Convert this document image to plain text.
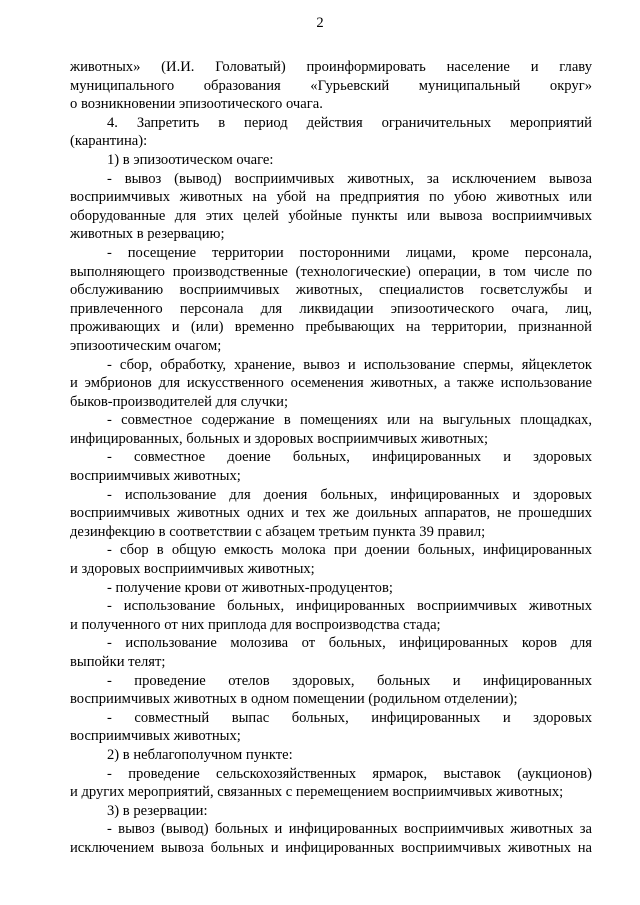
2

животных» (И.И. Головатый) проинформировать население и главу

муниципального образования «Гурьевский муниципальный округ»

о возникновении эпизоотического очага.

4. Запретить в период действия ограничительных мероприятий

(карантина):

1) в эпизоотическом очаге:

- вывоз (вывод) восприимчивых животных, за исключением вывоза

восприимчивых животных на убой на предприятия по убою животных или

оборудованные для этих целей убойные пункты или вывоза восприимчивых

животных в резервацию;

- посещение территории посторонними лицами, кроме персонала,

выполняющего производственные (технологические) операции, в том числе по

обслуживанию восприимчивых животных, специалистов госветслужбы и

привлеченного персонала для ликвидации эпизоотического очага, лиц,

проживающих и (или) временно пребывающих на территории, признанной

эпизоотическим очагом;

- сбор, обработку, хранение, вывоз и использование спермы, яйцеклеток

и эмбрионов для искусственного осеменения животных, а также использование

быков-производителей для случки;

- совместное содержание в помещениях или на выгульных площадках,

инфицированных, больных и здоровых восприимчивых животных;

- совместное доение больных, инфицированных и здоровых

восприимчивых животных;

- использование для доения больных, инфицированных и здоровых

восприимчивых животных одних и тех же доильных аппаратов, не прошедших

дезинфекцию в соответствии с абзацем третьим пункта 39 правил;

- сбор в общую емкость молока при доении больных, инфицированных

и здоровых восприимчивых животных;

- получение крови от животных-продуцентов;

- использование больных, инфицированных восприимчивых животных

и полученного от них приплода для воспроизводства стада;

- использование молозива от больных, инфицированных коров для

выпойки телят;

- проведение отелов здоровых, больных и инфицированных

восприимчивых животных в одном помещении (родильном отделении);

- совместный выпас больных, инфицированных и здоровых

восприимчивых животных;

2) в неблагополучном пункте:

- проведение сельскохозяйственных ярмарок, выставок (аукционов)

и других мероприятий, связанных с перемещением восприимчивых животных;

3) в резервации:

- вывоз (вывод) больных и инфицированных восприимчивых животных за

исключением вывоза больных и инфицированных восприимчивых животных на
